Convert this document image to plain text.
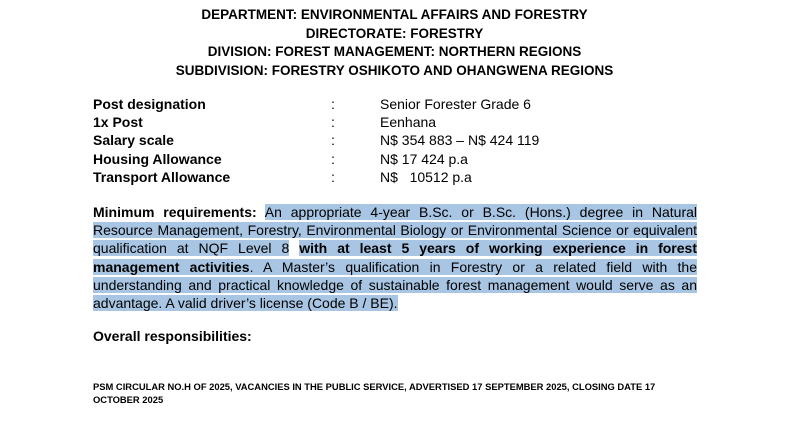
DEPARTMENT: ENVIRONMENTAL AFFAIRS AND FORESTRY
DIRECTORATE: FORESTRY
DIVISION: FOREST MANAGEMENT: NORTHERN REGIONS
SUBDIVISION: FORESTRY OSHIKOTO AND OHANGWENA REGIONS
Post designation	:	Senior Forester Grade 6
1x Post	:	Eenhana
Salary scale	:	N$ 354 883 – N$ 424 119
Housing Allowance	:	N$ 17 424 p.a
Transport Allowance	:	N$   10512 p.a
Minimum requirements: An appropriate 4-year B.Sc. or B.Sc. (Hons.) degree in Natural Resource Management, Forestry, Environmental Biology or Environmental Science or equivalent qualification at NQF Level 8 with at least 5 years of working experience in forest management activities. A Master’s qualification in Forestry or a related field with the understanding and practical knowledge of sustainable forest management would serve as an advantage. A valid driver’s license (Code B / BE).
Overall responsibilities:
PSM CIRCULAR NO.H OF 2025, VACANCIES IN THE PUBLIC SERVICE, ADVERTISED 17 SEPTEMBER 2025, CLOSING DATE 17 OCTOBER 2025
